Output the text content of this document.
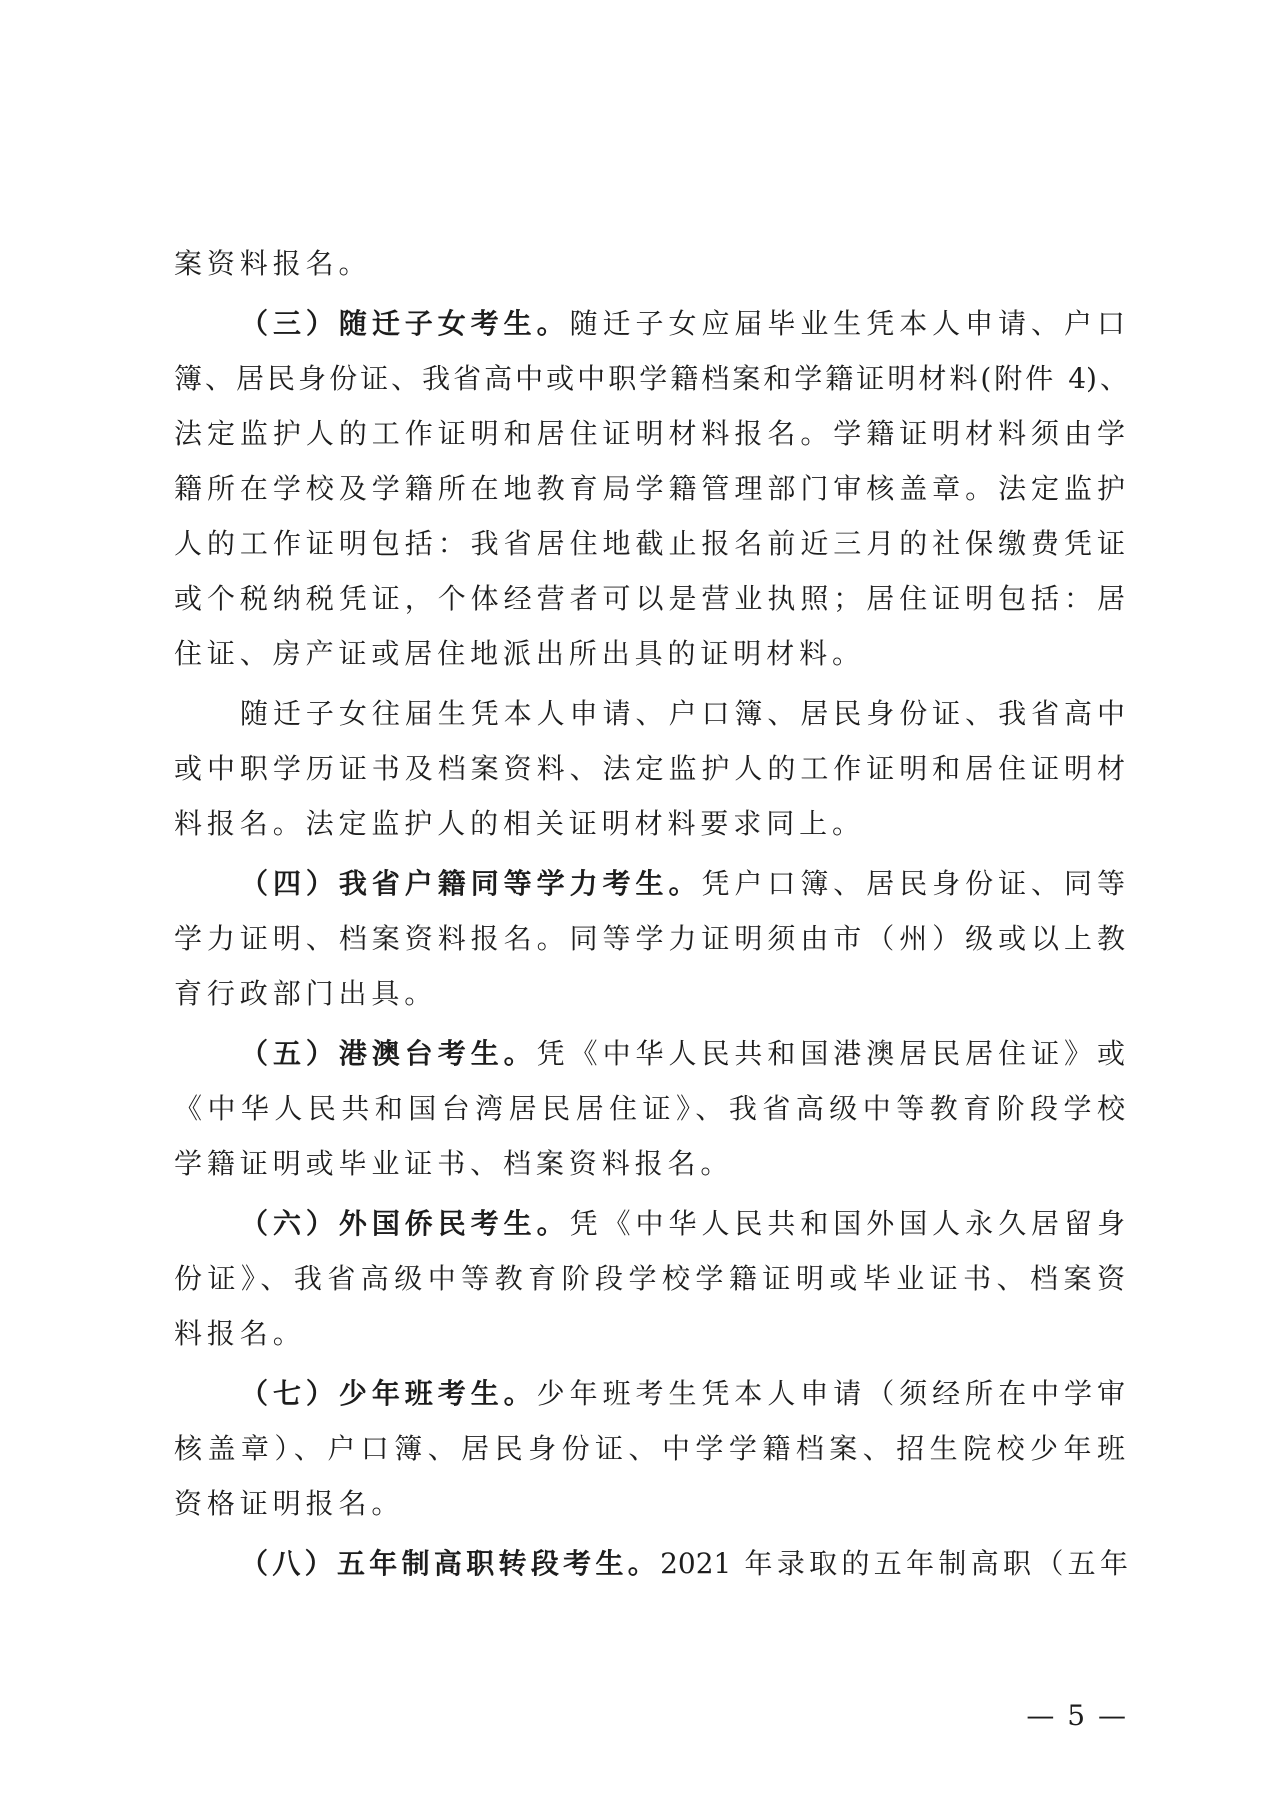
案资料报名。
（三）随迁子女考生。随迁子女应届毕业生凭本人申请、户口
簿、居民身份证、我省高中或中职学籍档案和学籍证明材料(附件 4)、
法定监护人的工作证明和居住证明材料报名。学籍证明材料须由学
籍所在学校及学籍所在地教育局学籍管理部门审核盖章。法定监护
人的工作证明包括：我省居住地截止报名前近三月的社保缴费凭证
或个税纳税凭证，个体经营者可以是营业执照；居住证明包括：居
住证、房产证或居住地派出所出具的证明材料。
随迁子女往届生凭本人申请、户口簿、居民身份证、我省高中
或中职学历证书及档案资料、法定监护人的工作证明和居住证明材
料报名。法定监护人的相关证明材料要求同上。
（四）我省户籍同等学力考生。凭户口簿、居民身份证、同等
学力证明、档案资料报名。同等学力证明须由市（州）级或以上教
育行政部门出具。
（五）港澳台考生。凭《中华人民共和国港澳居民居住证》或
《中华人民共和国台湾居民居住证》、我省高级中等教育阶段学校
学籍证明或毕业证书、档案资料报名。
（六）外国侨民考生。凭《中华人民共和国外国人永久居留身
份证》、我省高级中等教育阶段学校学籍证明或毕业证书、档案资
料报名。
（七）少年班考生。少年班考生凭本人申请（须经所在中学审
核盖章）、户口簿、居民身份证、中学学籍档案、招生院校少年班
资格证明报名。
（八）五年制高职转段考生。2021 年录取的五年制高职（五年
— 5 —
